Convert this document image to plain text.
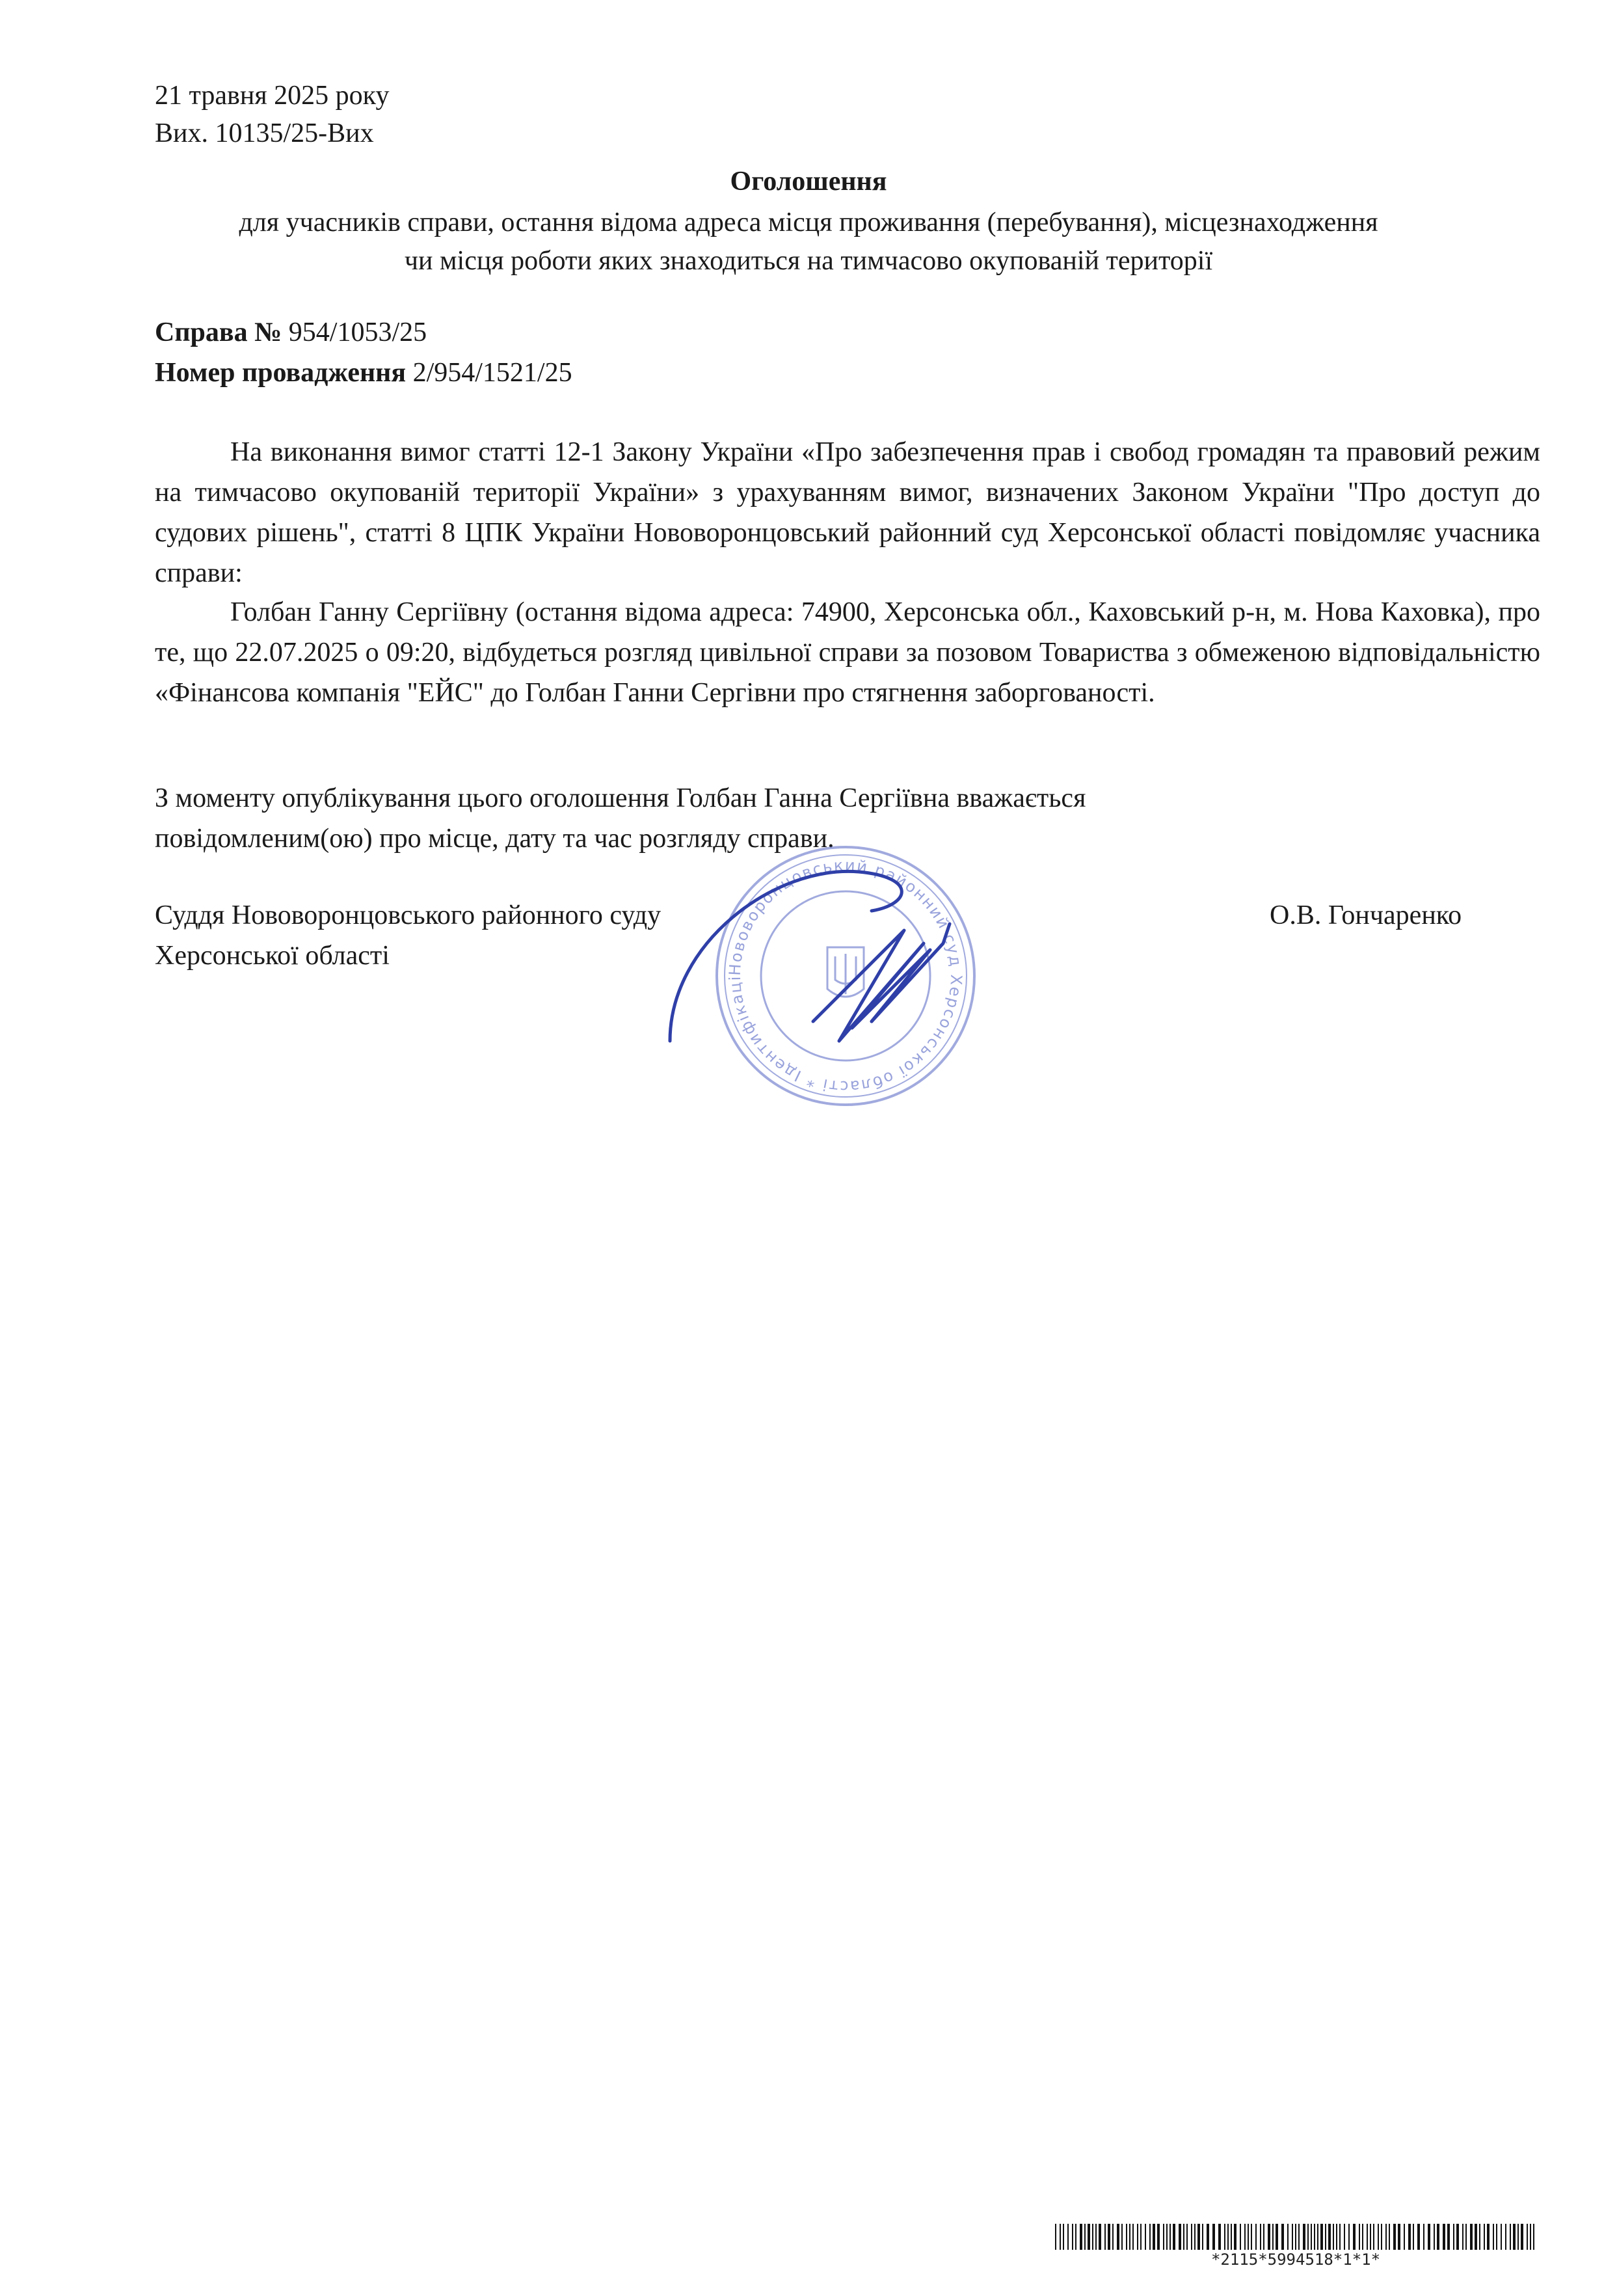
21 травня 2025 року
Вих. 10135/25-Вих
Оголошення
для учасників справи, остання відома адреса місця проживання (перебування), місцезнаходження
чи місця роботи яких знаходиться на тимчасово окупованій території
Справа № 954/1053/25
Номер провадження 2/954/1521/25
На виконання вимог статті 12-1 Закону України «Про забезпечення прав і свобод громадян та правовий режим на тимчасово окупованій території України» з урахуванням вимог, визначених Законом України "Про доступ до судових рішень", статті 8 ЦПК України Нововоронцовський районний суд Херсонської області повідомляє учасника справи:
Голбан Ганну Сергіївну (остання відома адреса: 74900, Херсонська обл., Каховський р-н, м. Нова Каховка), про те, що 22.07.2025 о 09:20, відбудеться розгляд цивільної справи за позовом Товариства з обмеженою відповідальністю «Фінансова компанія "ЕЙС" до Голбан Ганни Сергівни про стягнення заборгованості.
З моменту опублікування цього оголошення Голбан Ганна Сергіївна вважається
повідомленим(ою) про місце, дату та час розгляду справи.
Суддя Нововоронцовського районного суду
Херсонської області
О.В. Гончаренко
Нововоронцовський районний суд Херсонської області * Ідентифікаці
*2115*5994518*1*1*
